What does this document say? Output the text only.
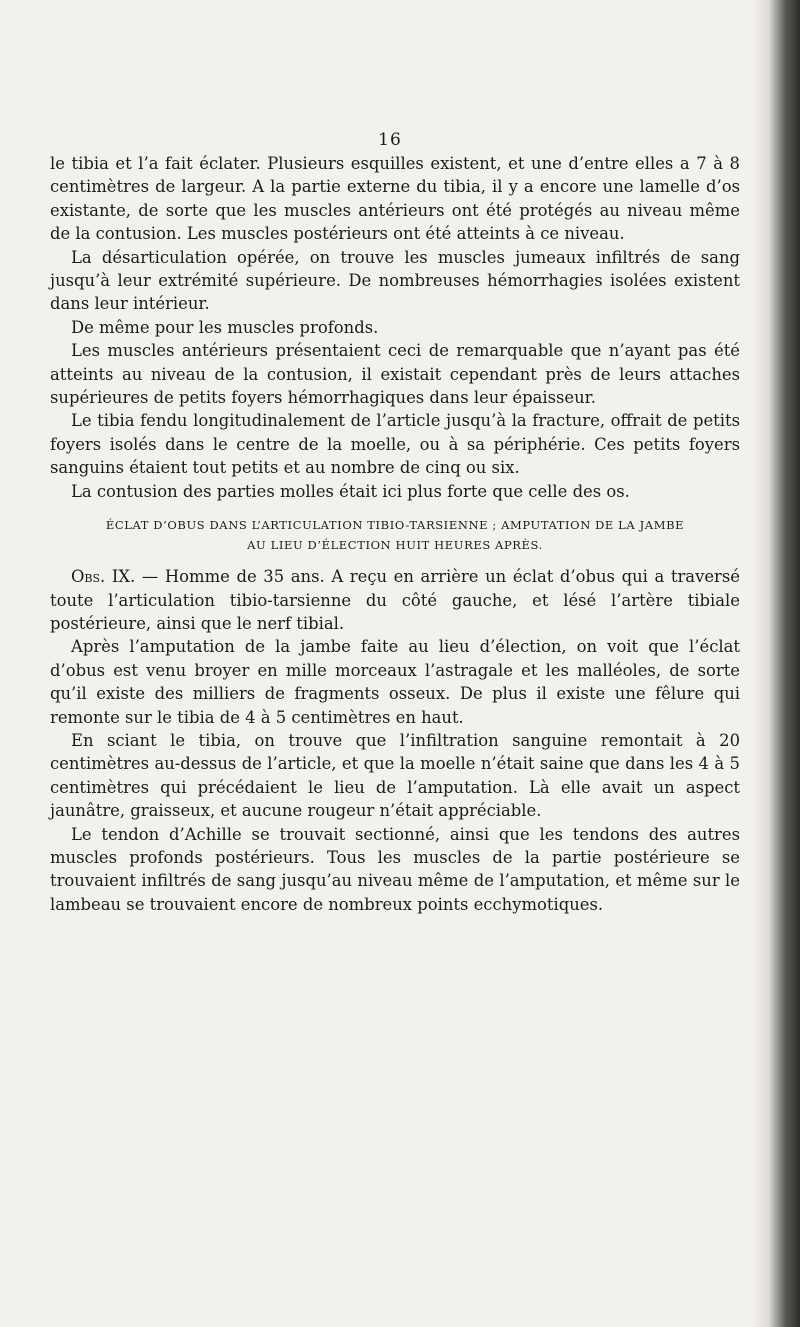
16

le tibia et l’a fait éclater. Plusieurs esquilles existent, et une d’entre elles a 7 à 8 centimètres de largeur. A la partie externe du tibia, il y a encore une lamelle d’os existante, de sorte que les muscles antérieurs ont été protégés au niveau même de la contusion. Les muscles postérieurs ont été atteints à ce niveau.

La désarticulation opérée, on trouve les muscles jumeaux infiltrés de sang jusqu’à leur extrémité supérieure. De nombreuses hémorrhagies isolées existent dans leur intérieur.

De même pour les muscles profonds.

Les muscles antérieurs présentaient ceci de remarquable que n’ayant pas été atteints au niveau de la contusion, il existait cependant près de leurs attaches supérieures de petits foyers hémorrhagiques dans leur épaisseur.

Le tibia fendu longitudinalement de l’article jusqu’à la fracture, offrait de petits foyers isolés dans le centre de la moelle, ou à sa périphérie. Ces petits foyers sanguins étaient tout petits et au nombre de cinq ou six.

La contusion des parties molles était ici plus forte que celle des os.

ÉCLAT D’OBUS DANS L’ARTICULATION TIBIO-TARSIENNE ; AMPUTATION DE LA JAMBE
AU LIEU D’ÉLECTION HUIT HEURES APRÈS.

Obs. IX. — Homme de 35 ans. A reçu en arrière un éclat d’obus qui a traversé toute l’articulation tibio-tarsienne du côté gauche, et lésé l’artère tibiale postérieure, ainsi que le nerf tibial.

Après l’amputation de la jambe faite au lieu d’élection, on voit que l’éclat d’obus est venu broyer en mille morceaux l’astragale et les malléoles, de sorte qu’il existe des milliers de fragments osseux. De plus il existe une fêlure qui remonte sur le tibia de 4 à 5 centimètres en haut.

En sciant le tibia, on trouve que l’infiltration sanguine remontait à 20 centimètres au-dessus de l’article, et que la moelle n’était saine que dans les 4 à 5 centimètres qui précédaient le lieu de l’amputation. Là elle avait un aspect jaunâtre, graisseux, et aucune rougeur n’était appréciable.

Le tendon d’Achille se trouvait sectionné, ainsi que les tendons des autres muscles profonds postérieurs. Tous les muscles de la partie postérieure se trouvaient infiltrés de sang jusqu’au niveau même de l’amputation, et même sur le lambeau se trouvaient encore de nombreux points ecchymotiques.
